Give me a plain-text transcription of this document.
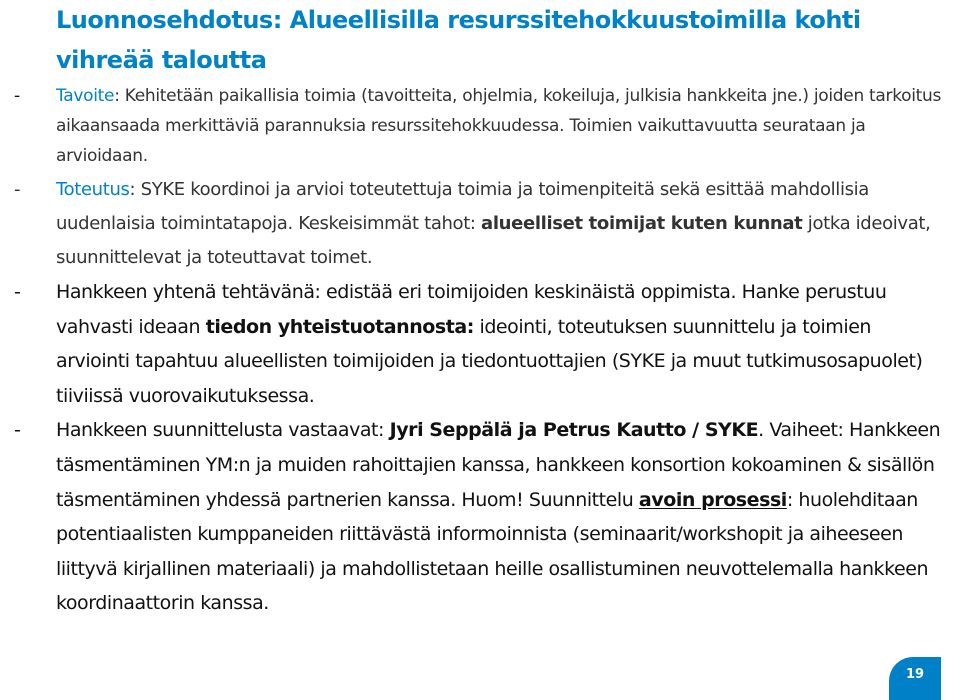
Luonnosehdotus: Alueellisilla resurssitehokkuustoimilla kohti vihreää taloutta
-	Tavoite: Kehitetään paikallisia toimia (tavoitteita, ohjelmia, kokeiluja, julkisia hankkeita jne.) joiden tarkoitus aikaansaada merkittäviä parannuksia resurssitehokkuudessa. Toimien vaikuttavuutta seurataan ja arvioidaan.
-	Toteutus: SYKE koordinoi ja arvioi toteutettuja toimia ja toimenpiteitä sekä esittää mahdollisia uudenlaisia toimintatapoja. Keskeisimmät tahot: alueelliset toimijat kuten kunnat jotka ideoivat, suunnittelevat ja toteuttavat toimet.
-	Hankkeen yhtenä tehtävänä: edistää eri toimijoiden keskinäistä oppimista. Hanke perustuu vahvasti ideaan tiedon yhteistuotannosta: ideointi, toteutuksen suunnittelu ja toimien arviointi tapahtuu alueellisten toimijoiden ja tiedontuottajien (SYKE ja muut tutkimusosapuolet) tiiviissä vuorovaikutuksessa.
-	Hankkeen suunnittelusta vastaavat: Jyri Seppälä ja Petrus Kautto / SYKE. Vaiheet: Hankkeen täsmentäminen YM:n ja muiden rahoittajien kanssa, hankkeen konsortion kokoaminen & sisällön täsmentäminen yhdessä partnerien kanssa. Huom! Suunnittelu avoin prosessi: huolehditaan potentiaalisten kumppaneiden riittävästä informoinnista (seminaarit/workshopit ja aiheeseen liittyvä kirjallinen materiaali) ja mahdollistetaan heille osallistuminen neuvottelemalla hankkeen koordinaattorin kanssa.
19
